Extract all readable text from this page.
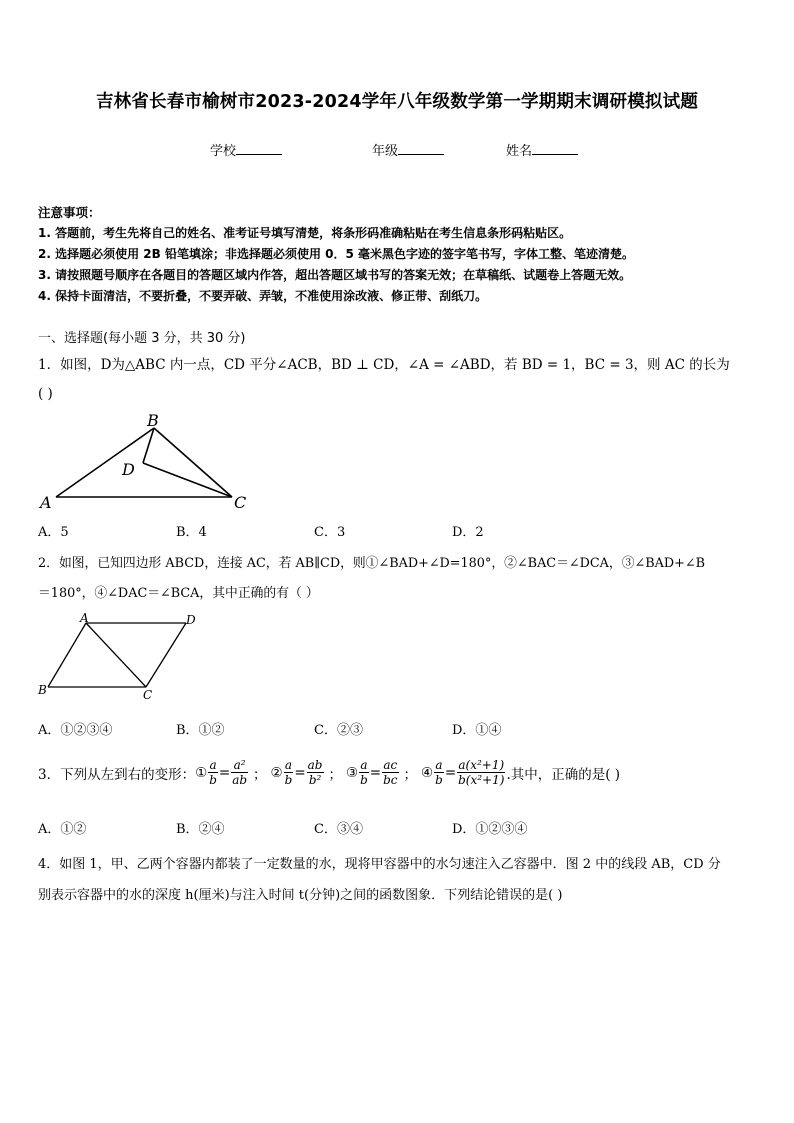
吉林省长春市榆树市2023-2024学年八年级数学第一学期期末调研模拟试题
学校	年级	姓名
注意事项：
1. 答题前，考生先将自己的姓名、准考证号填写清楚，将条形码准确粘贴在考生信息条形码粘贴区。
2. 选择题必须使用 2B 铅笔填涂；非选择题必须使用 0．5 毫米黑色字迹的签字笔书写，字体工整、笔迹清楚。
3. 请按照题号顺序在各题目的答题区域内作答，超出答题区域书写的答案无效；在草稿纸、试题卷上答题无效。
4. 保持卡面清洁，不要折叠，不要弄破、弄皱，不准使用涂改液、修正带、刮纸刀。
一、选择题(每小题 3 分，共 30 分)
1．如图，D为△ABC 内一点，CD 平分∠ACB，BD ⊥ CD，∠A = ∠ABD，若 BD = 1，BC = 3，则 AC 的长为
( )
B
D
A	C
A．5	B．4	C．3	D．2
2．如图，已知四边形 ABCD，连接 AC，若 AB∥CD，则①∠BAD+∠D=180°，②∠BAC＝∠DCA，③∠BAD+∠B
＝180°，④∠DAC＝∠BCA，其中正确的有（ ）
A	D
B	C
A．①②③④	B．①②	C．②③	D．①④
3．下列从左到右的变形： ① $\frac{a}{b} = \frac{\text{a²}}{ab}$ ； ② $\frac{a}{b} = \frac{ab}{\text{b²}}$ ； ③ $\frac{a}{b} = \frac{ac}{bc}$ ； ④ $\frac{a}{b} = \frac{\text{a(x²+1)}}{\text{b(x²+1)}}$ .其中，正确的是( )
A．①②	B．②④	C．③④	D．①②③④
4．如图 1，甲、乙两个容器内都装了一定数量的水，现将甲容器中的水匀速注入乙容器中．图 2 中的线段 AB，CD 分
别表示容器中的水的深度 h(厘米)与注入时间 t(分钟)之间的函数图象．下列结论错误的是( )
